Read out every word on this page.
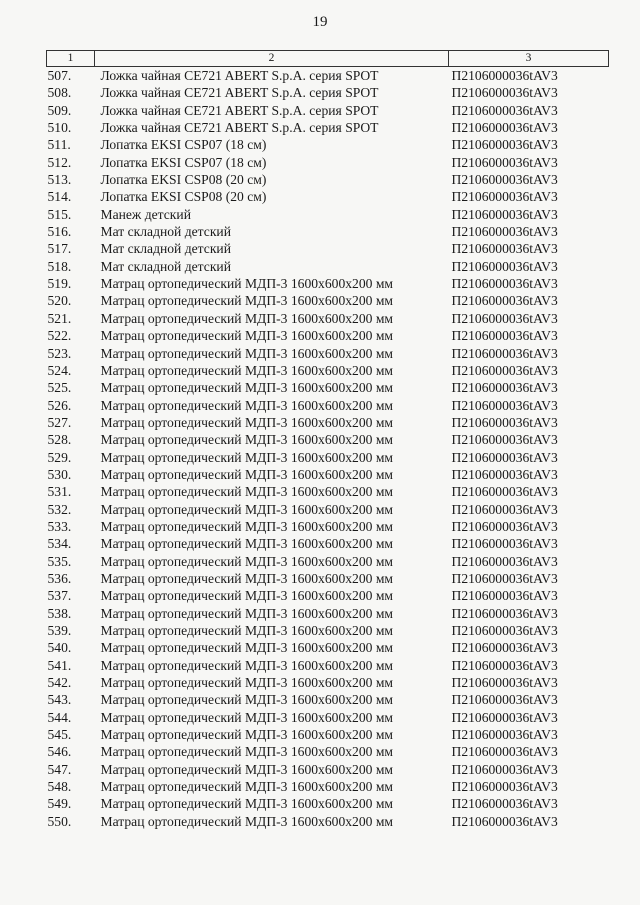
19
1	2	3
507.	Ложка чайная CE721 ABERT S.p.A. серия SPOT	П2106000036tAV3
508.	Ложка чайная CE721 ABERT S.p.A. серия SPOT	П2106000036tAV3
509.	Ложка чайная CE721 ABERT S.p.A. серия SPOT	П2106000036tAV3
510.	Ложка чайная CE721 ABERT S.p.A. серия SPOT	П2106000036tAV3
511.	Лопатка EKSI CSP07 (18 см)	П2106000036tAV3
512.	Лопатка EKSI CSP07 (18 см)	П2106000036tAV3
513.	Лопатка EKSI CSP08 (20 см)	П2106000036tAV3
514.	Лопатка EKSI CSP08 (20 см)	П2106000036tAV3
515.	Манеж детский	П2106000036tAV3
516.	Мат складной детский	П2106000036tAV3
517.	Мат складной детский	П2106000036tAV3
518.	Мат складной детский	П2106000036tAV3
519.	Матрац ортопедический МДП-3 1600х600х200 мм	П2106000036tAV3
520.	Матрац ортопедический МДП-3 1600х600х200 мм	П2106000036tAV3
521.	Матрац ортопедический МДП-3 1600х600х200 мм	П2106000036tAV3
522.	Матрац ортопедический МДП-3 1600х600х200 мм	П2106000036tAV3
523.	Матрац ортопедический МДП-3 1600х600х200 мм	П2106000036tAV3
524.	Матрац ортопедический МДП-3 1600х600х200 мм	П2106000036tAV3
525.	Матрац ортопедический МДП-3 1600х600х200 мм	П2106000036tAV3
526.	Матрац ортопедический МДП-3 1600х600х200 мм	П2106000036tAV3
527.	Матрац ортопедический МДП-3 1600х600х200 мм	П2106000036tAV3
528.	Матрац ортопедический МДП-3 1600х600х200 мм	П2106000036tAV3
529.	Матрац ортопедический МДП-3 1600х600х200 мм	П2106000036tAV3
530.	Матрац ортопедический МДП-3 1600х600х200 мм	П2106000036tAV3
531.	Матрац ортопедический МДП-3 1600х600х200 мм	П2106000036tAV3
532.	Матрац ортопедический МДП-3 1600х600х200 мм	П2106000036tAV3
533.	Матрац ортопедический МДП-3 1600х600х200 мм	П2106000036tAV3
534.	Матрац ортопедический МДП-3 1600х600х200 мм	П2106000036tAV3
535.	Матрац ортопедический МДП-3 1600х600х200 мм	П2106000036tAV3
536.	Матрац ортопедический МДП-3 1600х600х200 мм	П2106000036tAV3
537.	Матрац ортопедический МДП-3 1600х600х200 мм	П2106000036tAV3
538.	Матрац ортопедический МДП-3 1600х600х200 мм	П2106000036tAV3
539.	Матрац ортопедический МДП-3 1600х600х200 мм	П2106000036tAV3
540.	Матрац ортопедический МДП-3 1600х600х200 мм	П2106000036tAV3
541.	Матрац ортопедический МДП-3 1600х600х200 мм	П2106000036tAV3
542.	Матрац ортопедический МДП-3 1600х600х200 мм	П2106000036tAV3
543.	Матрац ортопедический МДП-3 1600х600х200 мм	П2106000036tAV3
544.	Матрац ортопедический МДП-3 1600х600х200 мм	П2106000036tAV3
545.	Матрац ортопедический МДП-3 1600х600х200 мм	П2106000036tAV3
546.	Матрац ортопедический МДП-3 1600х600х200 мм	П2106000036tAV3
547.	Матрац ортопедический МДП-3 1600х600х200 мм	П2106000036tAV3
548.	Матрац ортопедический МДП-3 1600х600х200 мм	П2106000036tAV3
549.	Матрац ортопедический МДП-3 1600х600х200 мм	П2106000036tAV3
550.	Матрац ортопедический МДП-3 1600х600х200 мм	П2106000036tAV3
